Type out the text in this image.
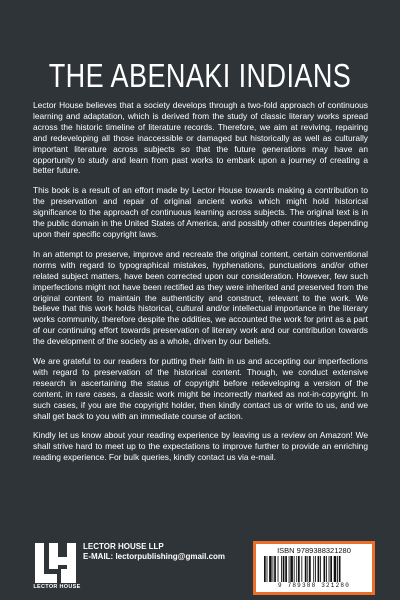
THE ABENAKI INDIANS

Lector House believes that a society develops through a two-fold approach of continuous learning and adaptation, which is derived from the study of classic literary works spread across the historic timeline of literature records. Therefore, we aim at reviving, repairing and redeveloping all those inaccessible or damaged but historically as well as culturally important literature across subjects so that the future generations may have an opportunity to study and learn from past works to embark upon a journey of creating a better future.

This book is a result of an effort made by Lector House towards making a contribution to the preservation and repair of original ancient works which might hold historical significance to the approach of continuous learning across subjects. The original text is in the public domain in the United States of America, and possibly other countries depending upon their specific copyright laws.

In an attempt to preserve, improve and recreate the original content, certain conventional norms with regard to typographical mistakes, hyphenations, punctuations and/or other related subject matters, have been corrected upon our consideration. However, few such imperfections might not have been rectified as they were inherited and preserved from the original content to maintain the authenticity and construct, relevant to the work. We believe that this work holds historical, cultural and/or intellectual importance in the literary works community, therefore despite the oddities, we accounted the work for print as a part of our continuing effort towards preservation of literary work and our contribution towards the development of the society as a whole, driven by our beliefs.

We are grateful to our readers for putting their faith in us and accepting our imperfections with regard to preservation of the historical content. Though, we conduct extensive research in ascertaining the status of copyright before redeveloping a version of the content, in rare cases, a classic work might be incorrectly marked as not-in-copyright. In such cases, if you are the copyright holder, then kindly contact us or write to us, and we shall get back to you with an immediate course of action.

Kindly let us know about your reading experience by leaving us a review on Amazon! We shall strive hard to meet up to the expectations to improve further to provide an enriching reading experience. For bulk queries, kindly contact us via e-mail.

LECTOR HOUSE
LECTOR HOUSE LLP
E-MAIL: lectorpublishing@gmail.com
ISBN 9789388321280
9 789388 321280
